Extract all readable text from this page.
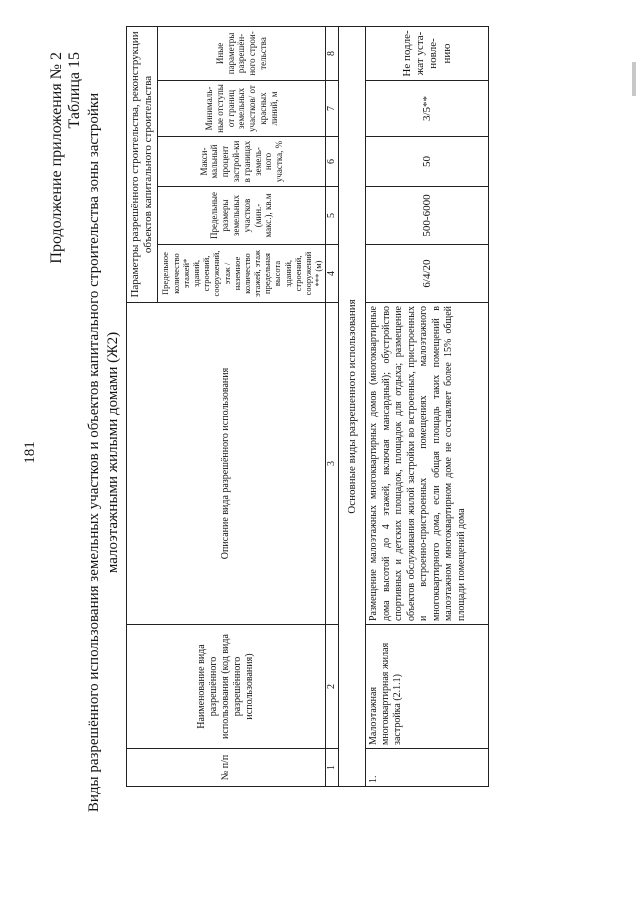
181
Продолжение приложения № 2 Таблица 15
Виды разрешённого использования земельных участков и объектов капитального строительства зоны застройки малоэтажными жилыми домами (Ж2)
№ п/п	Наименование вида разрешённого использования (код вида разрешённого использования)	Описание вида разрешённого использования	Параметры разрешённого строительства, реконструкции объектов капитального строительства				
			Предельное количество этажей* зданий, строений, сооружений, этаж / наземное количество этажей, этаж предельная высота зданий, строений, сооружений *** (м)	Предельные размеры земельных участков (мин.- макс.), кв.м	Макси-мальный процент застрой-ки в границах земель-ного участка, %	Минималь-ные отступы от границ земельных участков/ от красных линий, м	Иные параметры разрешён-ного строи-тельства
1	2	3	4	5	6	7	8
Основные виды разрешенного использования							
1.	Малоэтажная многоквартирная жилая застройка (2.1.1)	Размещение малоэтажных многоквартирных домов (многоквартирные дома высотой до 4 этажей, включая мансардный); обустройство спортивных и детских площадок, площадок для отдыха; размещение объектов обслуживания жилой застройки во встроенных, пристроенных и встроенно-пристроенных помещениях малоэтажного многоквартирного дома, если общая площадь таких помещений в малоэтажном многоквартирном доме не составляет более 15% общей площади помещений дома	6/4/20	500-6000	50	3/5**	Не подле-жат уста-новле-нию
